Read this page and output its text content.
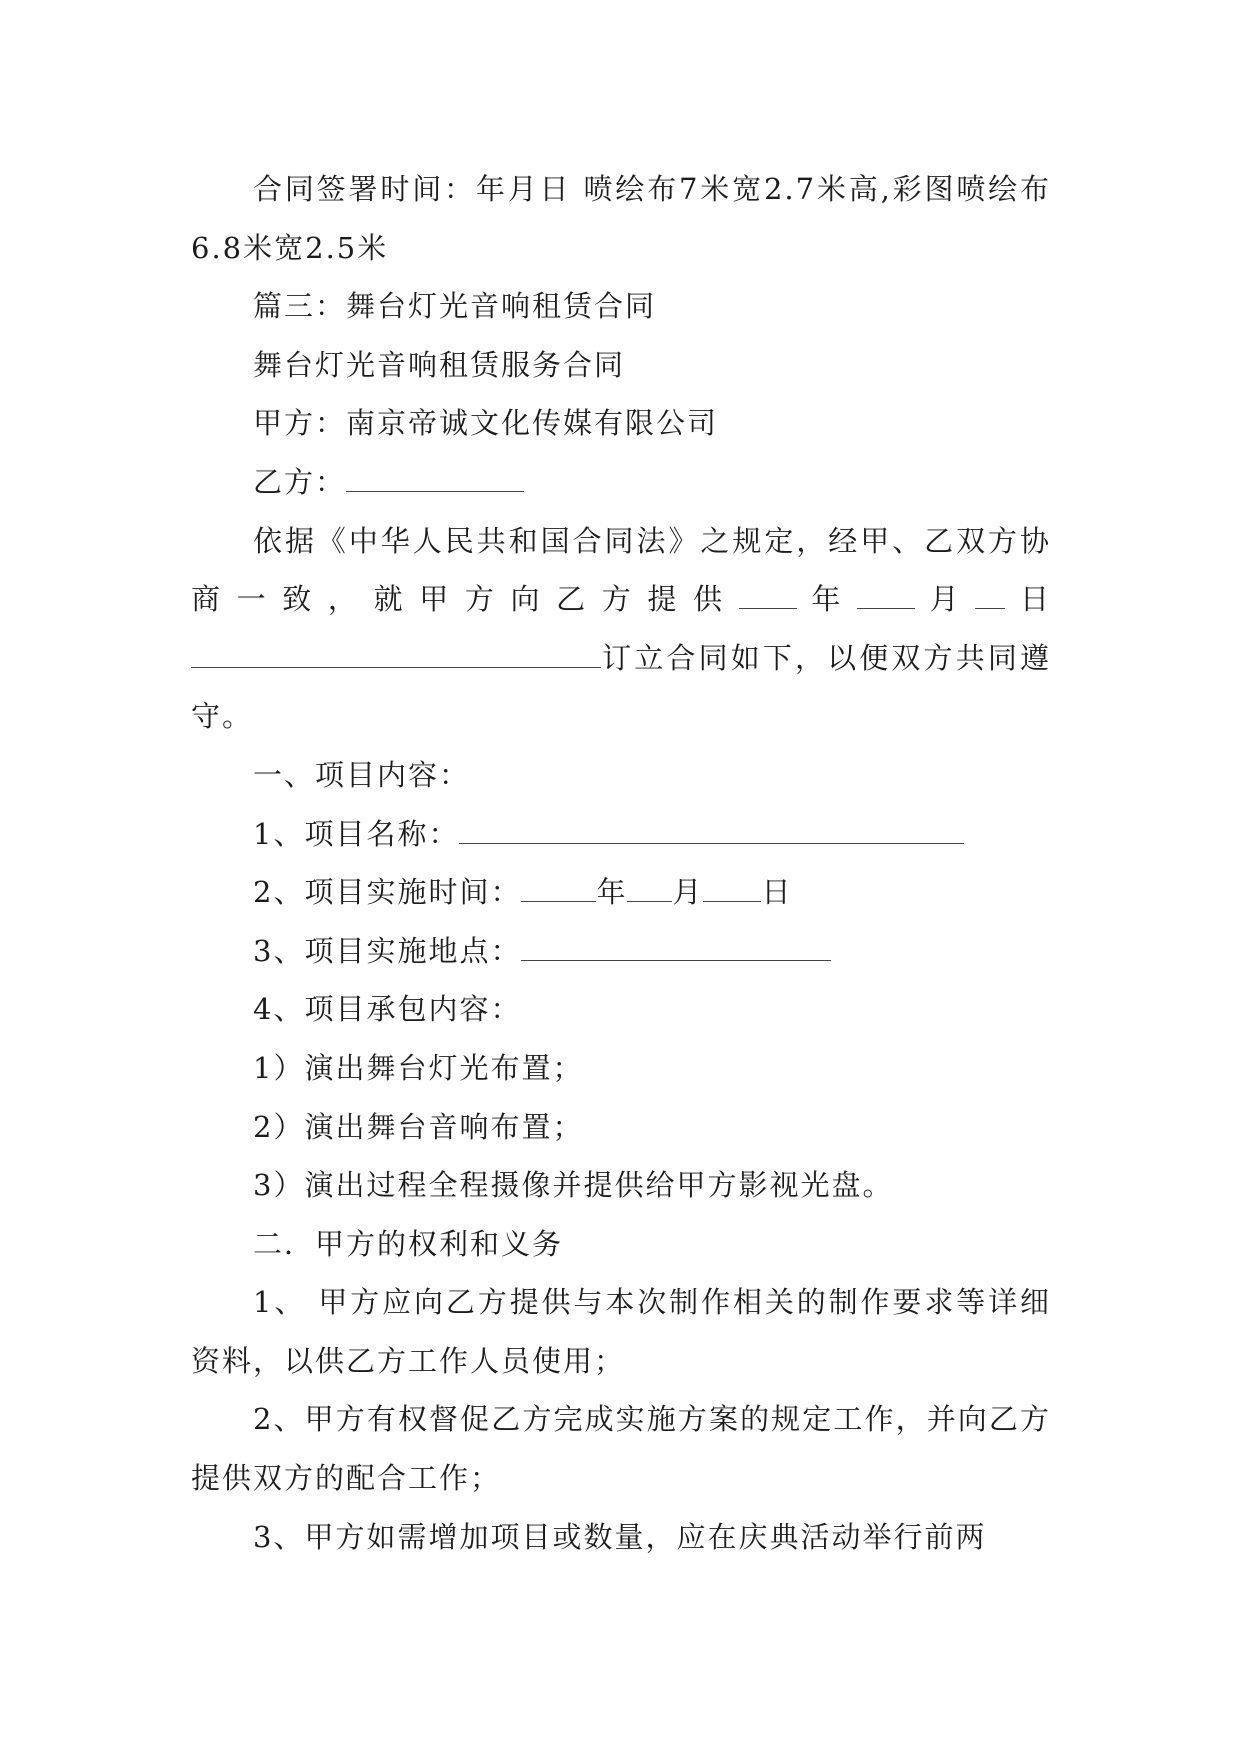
合同签署时间：年月日 喷绘布7米宽2.7米高,彩图喷绘布6.8米宽2.5米

篇三：舞台灯光音响租赁合同

舞台灯光音响租赁服务合同

甲方：南京帝诚文化传媒有限公司

乙方：

依据《中华人民共和国合同法》之规定，经甲、乙双方协商一致，就甲方向乙方提供 年 月 日订立合同如下，以便双方共同遵守。

一、项目内容：

1、项目名称：

2、项目实施时间：	年 月 日

3、项目实施地点：

4、项目承包内容：

1）演出舞台灯光布置；

2）演出舞台音响布置；

3）演出过程全程摄像并提供给甲方影视光盘。

二．甲方的权利和义务

1、 甲方应向乙方提供与本次制作相关的制作要求等详细资料，以供乙方工作人员使用；

2、甲方有权督促乙方完成实施方案的规定工作，并向乙方提供双方的配合工作；

3、甲方如需增加项目或数量，应在庆典活动举行前两
